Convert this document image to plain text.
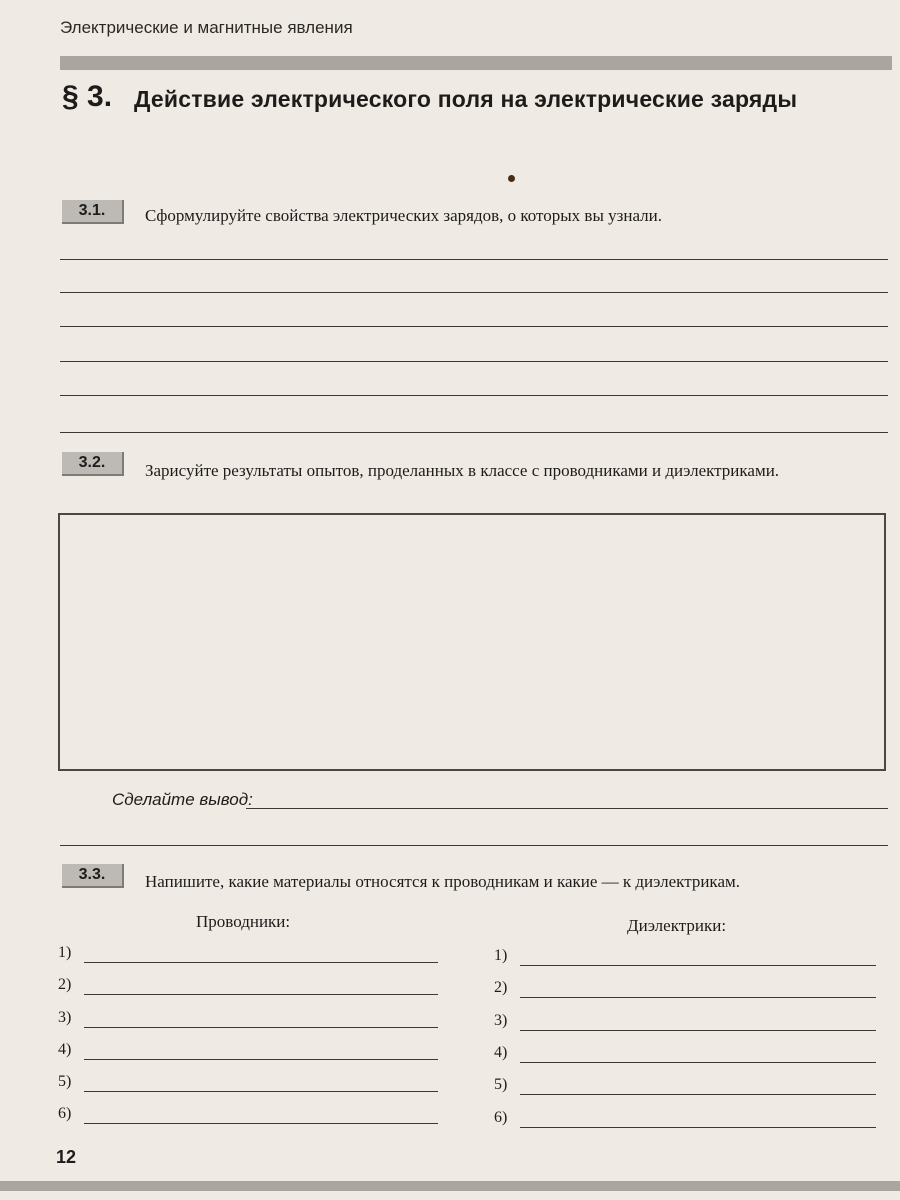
Электрические и магнитные явления
§ 3. Действие электрического поля на электрические заряды
3.1.	Сформулируйте свойства электрических зарядов, о которых вы узнали.
3.2.	Зарисуйте результаты опытов, проделанных в классе с проводниками и диэлектриками.
Сделайте вывод:
3.3.	Напишите, какие материалы относятся к проводникам и какие — к диэлектрикам.
Проводники:	Диэлектрики:
1)
2)
3)
4)
5)
6)
1)
2)
3)
4)
5)
6)
12
